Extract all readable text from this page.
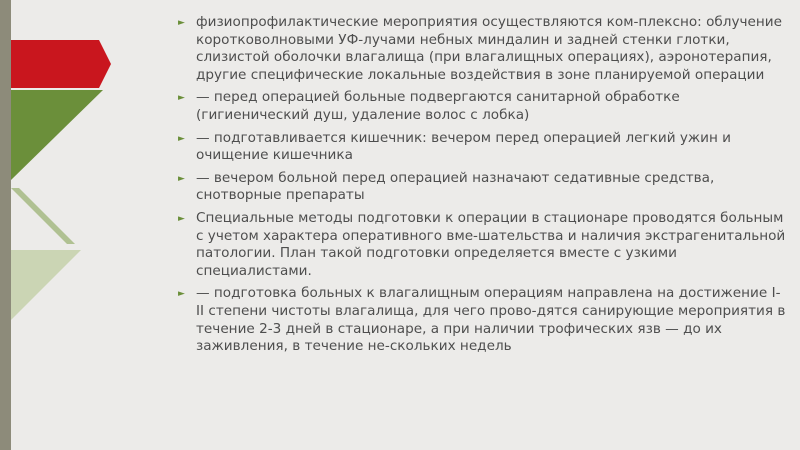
► физиопрофилактические мероприятия осуществляются ком-плексно: облучение коротковолновыми УФ-лучами небных миндалин и задней стенки глотки, слизистой оболочки влагалища (при влагалищных операциях), аэронотерапия, другие специфические локальные воздействия в зоне планируемой операции
► — перед операцией больные подвергаются санитарной обработке (гигиенический душ, удаление волос с лобка)
► — подготавливается кишечник: вечером перед операцией легкий ужин и очищение кишечника
► — вечером больной перед операцией назначают седативные средства, снотворные препараты
► Специальные методы подготовки к операции в стационаре проводятся больным с учетом характера оперативного вме-шательства и наличия экстрагенитальной патологии. План такой подготовки определяется вместе с узкими специалистами.
► — подготовка больных к влагалищным операциям направлена на достижение I-II степени чистоты влагалища, для чего прово-дятся санирующие мероприятия в течение 2-3 дней в стационаре, а при наличии трофических язв — до их заживления, в течение не-скольких недель
